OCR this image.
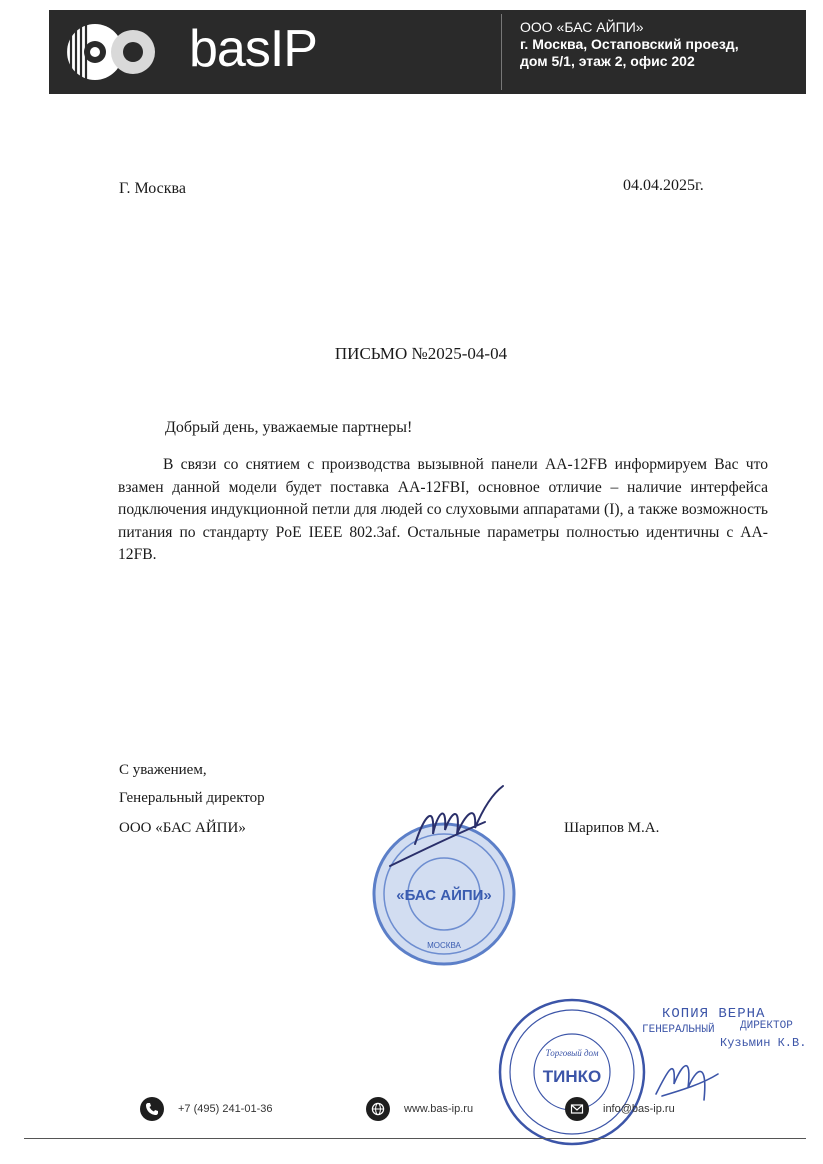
basIP	ООО «БАС АЙПИ»
г. Москва, Остаповский проезд,
дом 5/1, этаж 2, офис 202
Г. Москва	04.04.2025г.
ПИСЬМО №2025-04-04
Добрый день, уважаемые партнеры!
В связи со снятием с производства вызывной панели AA-12FB информируем Вас что взамен данной модели будет поставка AA-12FBI, основное отличие – наличие интерфейса подключения индукционной петли для людей со слуховыми аппаратами (I), а также возможность питания по стандарту PoE IEEE 802.3af. Остальные параметры полностью идентичны с AA-12FB.
С уважением,
Генеральный директор
ООО «БАС АЙПИ»	Шарипов М.А.
«БАС АЙПИ»
МОСКВА
Торговый дом
ТИНКО
КОПИЯ ВЕРНА
ГЕНЕРАЛЬНЫЙ ДИРЕКТОР
Кузьмин К.В.
+7 (495) 241-01-36	www.bas-ip.ru	info@bas-ip.ru
